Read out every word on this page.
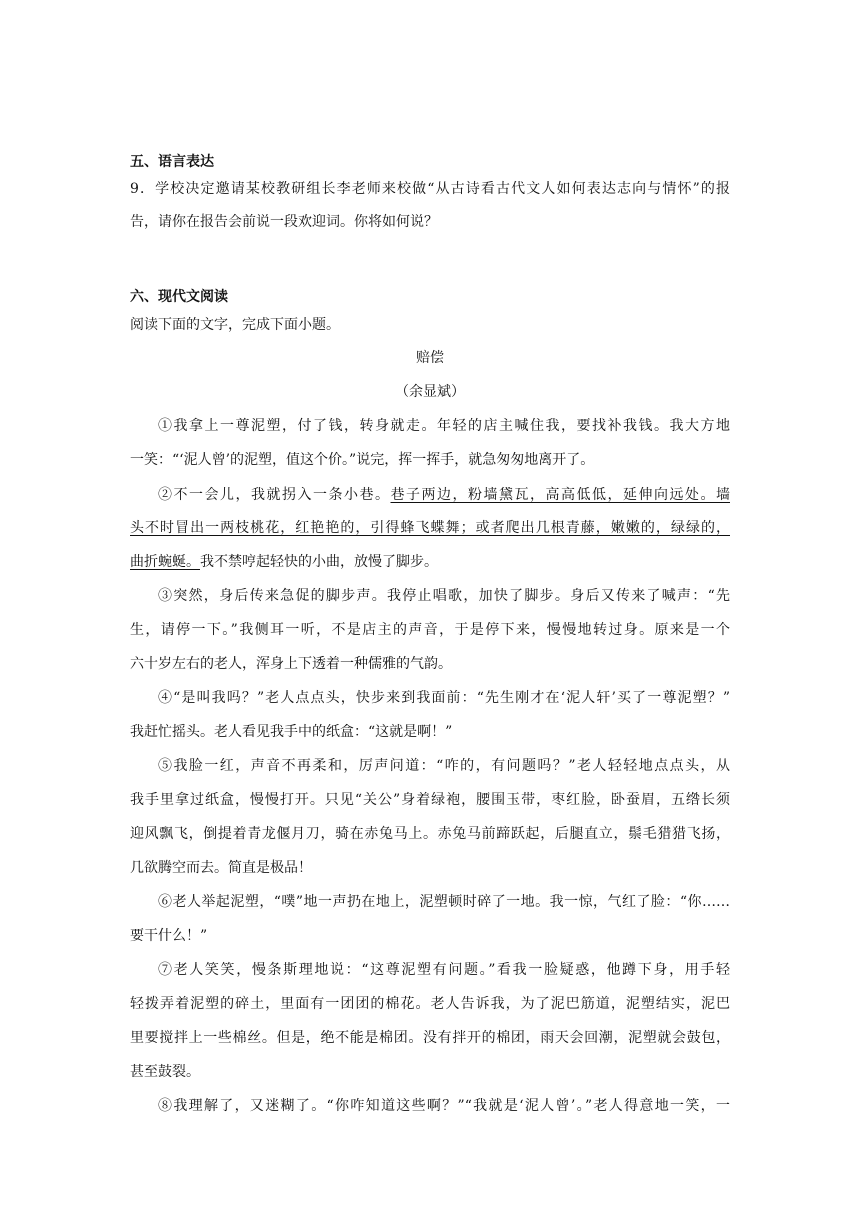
五、语言表达
9．学校决定邀请某校教研组长李老师来校做“从古诗看古代文人如何表达志向与情怀”的报
告，请你在报告会前说一段欢迎词。你将如何说？
六、现代文阅读
阅读下面的文字，完成下面小题。
赔偿
（余显斌）
①我拿上一尊泥塑，付了钱，转身就走。年轻的店主喊住我，要找补我钱。我大方地
一笑：“‘泥人曾’的泥塑，值这个价。”说完，挥一挥手，就急匆匆地离开了。
②不一会儿，我就拐入一条小巷。巷子两边，粉墙黛瓦，高高低低，延伸向远处。墙
头不时冒出一两枝桃花，红艳艳的，引得蜂飞蝶舞；或者爬出几根青藤，嫩嫩的，绿绿的，
曲折蜿蜒。我不禁哼起轻快的小曲，放慢了脚步。
③突然，身后传来急促的脚步声。我停止唱歌，加快了脚步。身后又传来了喊声：“先
生，请停一下。”我侧耳一听，不是店主的声音，于是停下来，慢慢地转过身。原来是一个
六十岁左右的老人，浑身上下透着一种儒雅的气韵。
④“是叫我吗？”老人点点头，快步来到我面前：“先生刚才在‘泥人轩’买了一尊泥塑？”
我赶忙摇头。老人看见我手中的纸盒：“这就是啊！”
⑤我脸一红，声音不再柔和，厉声问道：“咋的，有问题吗？”老人轻轻地点点头，从
我手里拿过纸盒，慢慢打开。只见“关公”身着绿袍，腰围玉带，枣红脸，卧蚕眉，五绺长须
迎风飘飞，倒提着青龙偃月刀，骑在赤兔马上。赤兔马前蹄跃起，后腿直立，鬃毛猎猎飞扬，
几欲腾空而去。简直是极品！
⑥老人举起泥塑，“噗”地一声扔在地上，泥塑顿时碎了一地。我一惊，气红了脸：“你……
要干什么！”
⑦老人笑笑，慢条斯理地说：“这尊泥塑有问题。”看我一脸疑惑，他蹲下身，用手轻
轻拨弄着泥塑的碎土，里面有一团团的棉花。老人告诉我，为了泥巴筋道，泥塑结实，泥巴
里要搅拌上一些棉丝。但是，绝不能是棉团。没有拌开的棉团，雨天会回潮，泥塑就会鼓包，
甚至鼓裂。
⑧我理解了，又迷糊了。“你咋知道这些啊？”“我就是‘泥人曾’。”老人得意地一笑，一
